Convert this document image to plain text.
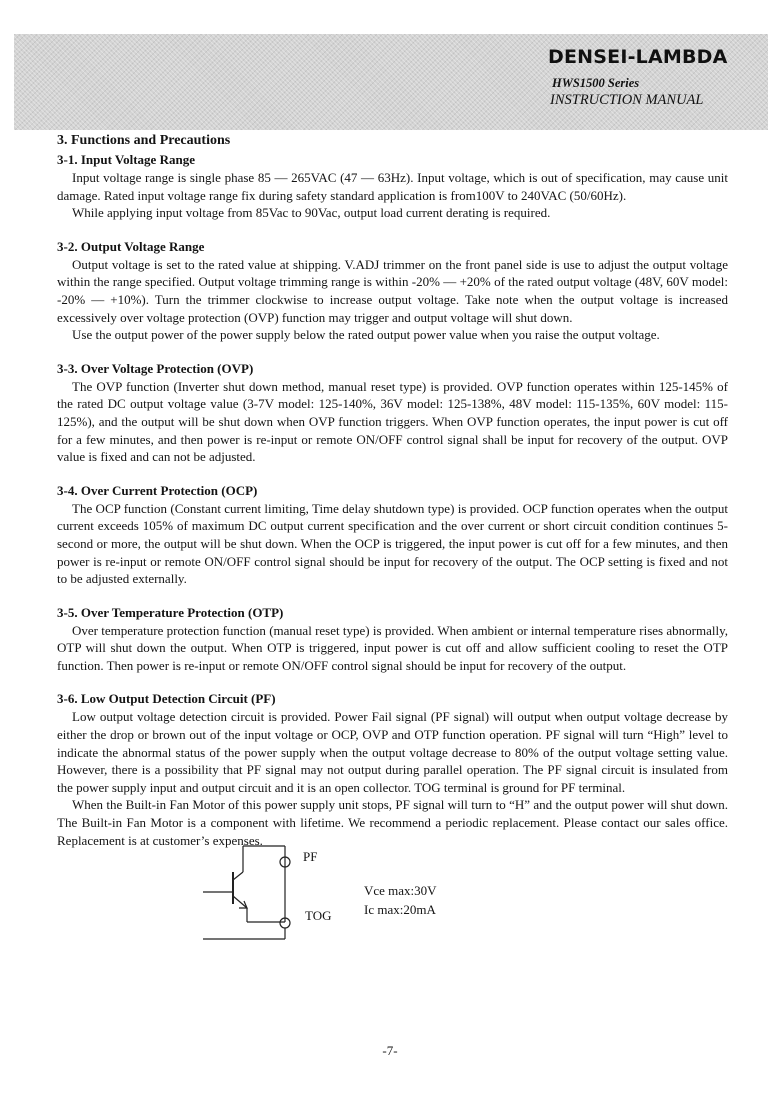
DENSEI-LAMBDA
HWS1500 Series
INSTRUCTION MANUAL
3. Functions and Precautions
3-1. Input Voltage Range

Input voltage range is single phase 85 — 265VAC (47 — 63Hz). Input voltage, which is out of specification, may cause unit damage. Rated input voltage range fix during safety standard application is from100V to 240VAC (50/60Hz).

While applying input voltage from 85Vac to 90Vac, output load current derating is required.

3-2. Output Voltage Range

Output voltage is set to the rated value at shipping. V.ADJ trimmer on the front panel side is use to adjust the output voltage within the range specified. Output voltage trimming range is within -20% — +20% of the rated output voltage (48V, 60V model: -20% — +10%). Turn the trimmer clockwise to increase output voltage. Take note when the output voltage is increased excessively over voltage protection (OVP) function may trigger and output voltage will shut down.

Use the output power of the power supply below the rated output power value when you raise the output voltage.

3-3. Over Voltage Protection (OVP)

The OVP function (Inverter shut down method, manual reset type) is provided. OVP function operates within 125-145% of the rated DC output voltage value (3-7V model: 125-140%, 36V model: 125-138%, 48V model: 115-135%, 60V model: 115-125%), and the output will be shut down when OVP function triggers. When OVP function operates, the input power is cut off for a few minutes, and then power is re-input or remote ON/OFF control signal shall be input for recovery of the output. OVP value is fixed and can not be adjusted.

3-4. Over Current Protection (OCP)

The OCP function (Constant current limiting, Time delay shutdown type) is provided. OCP function operates when the output current exceeds 105% of maximum DC output current specification and the over current or short circuit condition continues 5-second or more, the output will be shut down. When the OCP is triggered, the input power is cut off for a few minutes, and then power is re-input or remote ON/OFF control signal should be input for recovery of the output. The OCP setting is fixed and not to be adjusted externally.

3-5. Over Temperature Protection (OTP)

Over temperature protection function (manual reset type) is provided. When ambient or internal temperature rises abnormally, OTP will shut down the output. When OTP is triggered, input power is cut off and allow sufficient cooling to reset the OTP function. Then power is re-input or remote ON/OFF control signal should be input for recovery of the output.

3-6. Low Output Detection Circuit (PF)

Low output voltage detection circuit is provided. Power Fail signal (PF signal) will output when output voltage decrease by either the drop or brown out of the input voltage or OCP, OVP and OTP function operation. PF signal will turn “High” level to indicate the abnormal status of the power supply when the output voltage decrease to 80% of the output voltage setting value. However, there is a possibility that PF signal may not output during parallel operation. The PF signal circuit is insulated from the power supply input and output circuit and it is an open collector. TOG terminal is ground for PF terminal.

When the Built-in Fan Motor of this power supply unit stops, PF signal will turn to “H” and the output power will shut down. The Built-in Fan Motor is a component with lifetime. We recommend a periodic replacement. Please contact our sales office. Replacement is at customer’s expenses.

PF
TOG
Vce max:30V
Ic max:20mA
-7-
